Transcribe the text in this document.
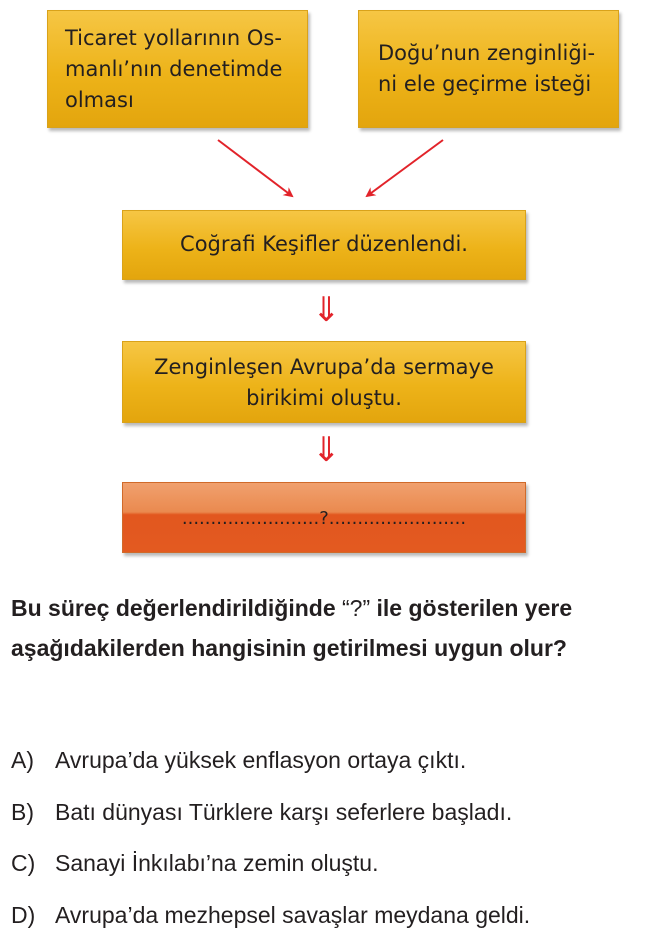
Ticaret yollarının Os-
manlı’nın denetimde
olması
Doğu’nun zenginliği-
ni ele geçirme isteği
Coğrafi Keşifler düzenlendi.
⇓
Zenginleşen Avrupa’da sermaye
birikimi oluştu.
⇓
........................?........................

Bu süreç değerlendirildiğinde “?” ile gösterilen yere aşağıdakilerden hangisinin getirilmesi uygun olur?

A) Avrupa’da yüksek enflasyon ortaya çıktı.
B) Batı dünyası Türklere karşı seferlere başladı.
C) Sanayi İnkılabı’na zemin oluştu.
D) Avrupa’da mezhepsel savaşlar meydana geldi.
